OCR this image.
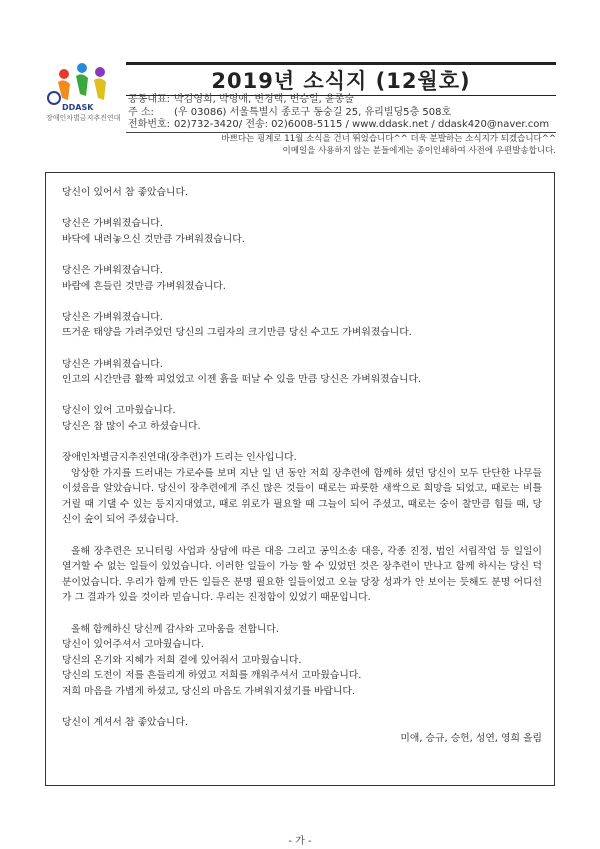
DDASK
장애인차별금지추진연대
2019년 소식지 (12월호)
공동대표: 박김영희, 박명애, 변경택, 변승일, 윤종술
주 소:	(우 03086) 서울특별시 종로구 동숭길 25, 유리빌딩5층 508호
전화번호: 02)732-3420/ 전송: 02)6008-5115 / www.ddask.net / ddask420@naver.com
바쁘다는 핑계로 11월 소식을 건너 뛰었습니다^^ 더욱 분발하는 소식지가 되겠습니다^^
이메일을 사용하지 않는 분들에게는 종이인쇄하여 사전에 우편발송합니다.

당신이 있어서 참 좋았습니다.

당신은 가벼워졌습니다.

바닥에 내려놓으신 것만큼 가벼워졌습니다.

당신은 가벼워졌습니다.

바람에 흔들린 것만큼 가벼워졌습니다.

당신은 가벼워졌습니다.

뜨거운 태양을 가려주었던 당신의 그림자의 크기만큼 당신 수고도 가벼워졌습니다.

당신은 가벼워졌습니다.

인고의 시간만큼 활짝 피었었고 이젠 흙을 떠날 수 있을 만큼 당신은 가벼워졌습니다.

당신이 있어 고마웠습니다.

당신은 참 많이 수고 하셨습니다.

장애인차별금지추진연대(장추련)가 드리는 인사입니다.

앙상한 가지를 드러내는 가로수를 보며 지난 일 년 동안 저희 장추련에 함께하 셨던 당신이 모두 단단한 나무들이셨음을 알았습니다. 당신이 장추련에게 주신 많은 것들이 때로는 파릇한 새싹으로 희망을 되었고, 때로는 비틀거릴 때 기댈 수 있는 등지지대였고, 때로 위로가 필요할 때 그늘이 되어 주셨고, 때로는 숭이 찰만큼 힘들 때, 당신이 숲이 되어 주셨습니다.

올해 장추련은 모니터링 사업과 상담에 따른 대응 그리고 공익소송 대응, 각종 진정, 법인 서립작업 등 일일이 열거할 수 없는 일들이 있었습니다. 이러한 일들이 가능 할 수 있었던 것은 장추련이 만나고 함께 하시는 당신 덕분이었습니다. 우리가 함께 만든 일들은 분명 필요한 일들이었고 오늘 당장 성과가 안 보이는 듯해도 분명 어디선가 그 결과가 있을 것이라 믿습니다. 우리는 진정함이 있었기 때문입니다.

올해 함께하신 당신께 감사와 고마움을 전합니다.

당신이 있어주셔서 고마웠습니다.

당신의 온기와 지혜가 저희 곁에 있어줘서 고마웠습니다.

당신의 도전이 저를 흔들리게 하였고 저희를 깨워주셔서 고마웠습니다.

저희 마음을 가볍게 하셨고, 당신의 마음도 가벼워지셨기를 바랍니다.

당신이 계셔서 참 좋았습니다.

미애, 승규, 승헌, 성연, 영희 올림

- 가 -
